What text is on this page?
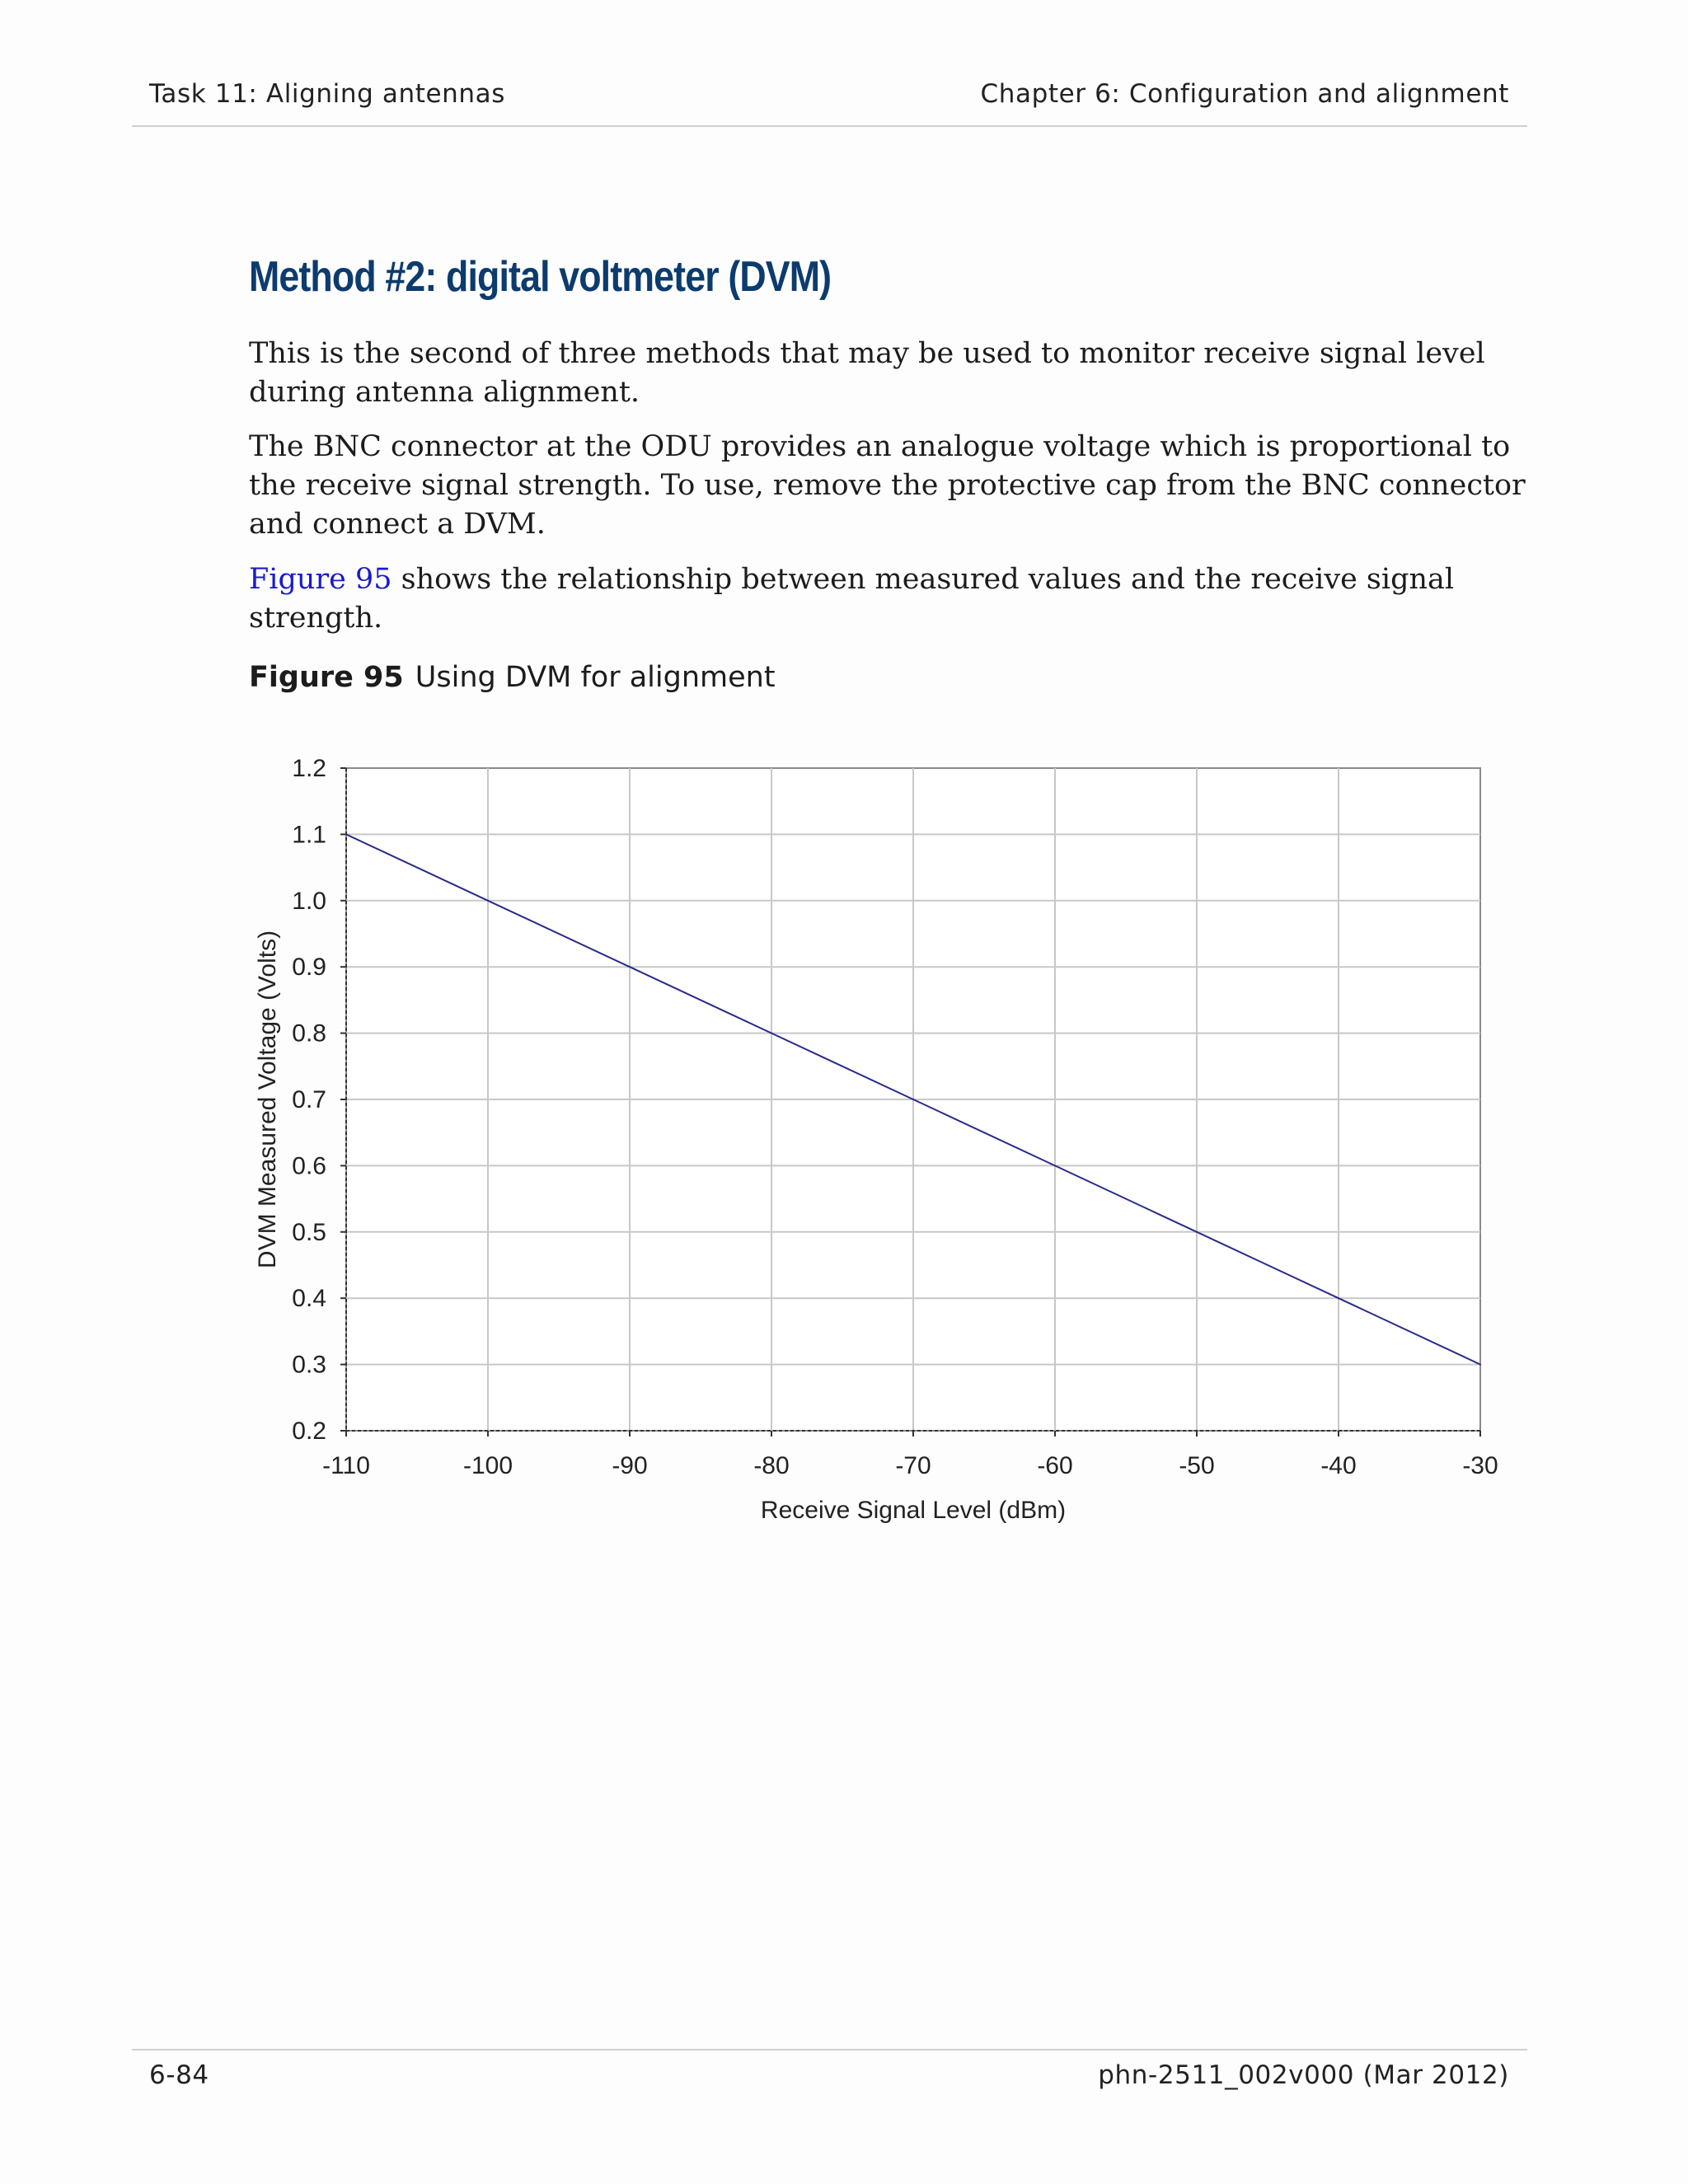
Task 11: Aligning antennas	Chapter 6: Configuration and alignment
Method #2: digital voltmeter (DVM)

This is the second of three methods that may be used to monitor receive signal level during antenna alignment.

The BNC connector at the ODU provides an analogue voltage which is proportional to the receive signal strength. To use, remove the protective cap from the BNC connector and connect a DVM.

Figure 95 shows the relationship between measured values and the receive signal strength.

Figure 95 Using DVM for alignment
-110	-100	-90	-80	-70	-60	-50	-40	-30
0.2
0.3
0.4
0.5
0.6
0.7
0.8
0.9
1.0
1.1
1.2
Receive Signal Level (dBm)
DVM Measured Voltage (Volts)
6-84	phn-2511_002v000 (Mar 2012)
